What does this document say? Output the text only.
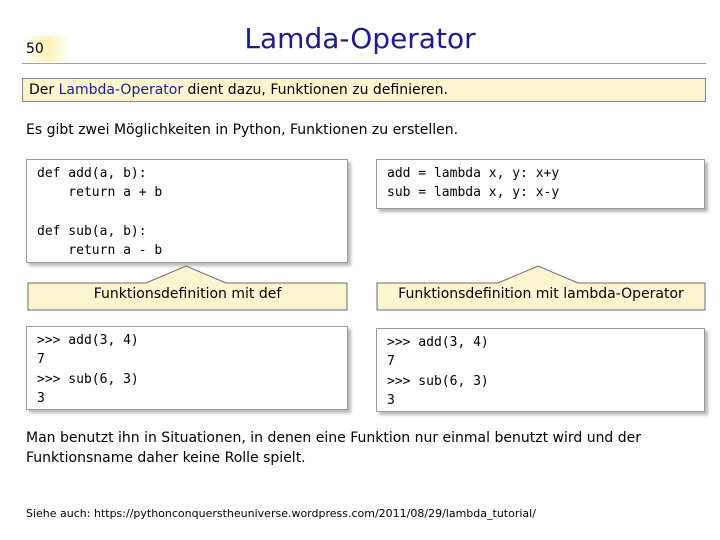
50	Lamda-Operator
Der Lambda-Operator dient dazu, Funktionen zu definieren.
Es gibt zwei Möglichkeiten in Python, Funktionen zu erstellen.
def add(a, b):
return a + b

def sub(a, b):
return a - b
add = lambda x, y: x+y
sub = lambda x, y: x-y
Funktionsdefinition mit def	Funktionsdefinition mit lambda-Operator
>>> add(3, 4)
7
>>> sub(6, 3)
3
>>> add(3, 4)
7
>>> sub(6, 3)
3
Man benutzt ihn in Situationen, in denen eine Funktion nur einmal benutzt wird und der Funktionsname daher keine Rolle spielt.
Siehe auch: https://pythonconquerstheuniverse.wordpress.com/2011/08/29/lambda_tutorial/
